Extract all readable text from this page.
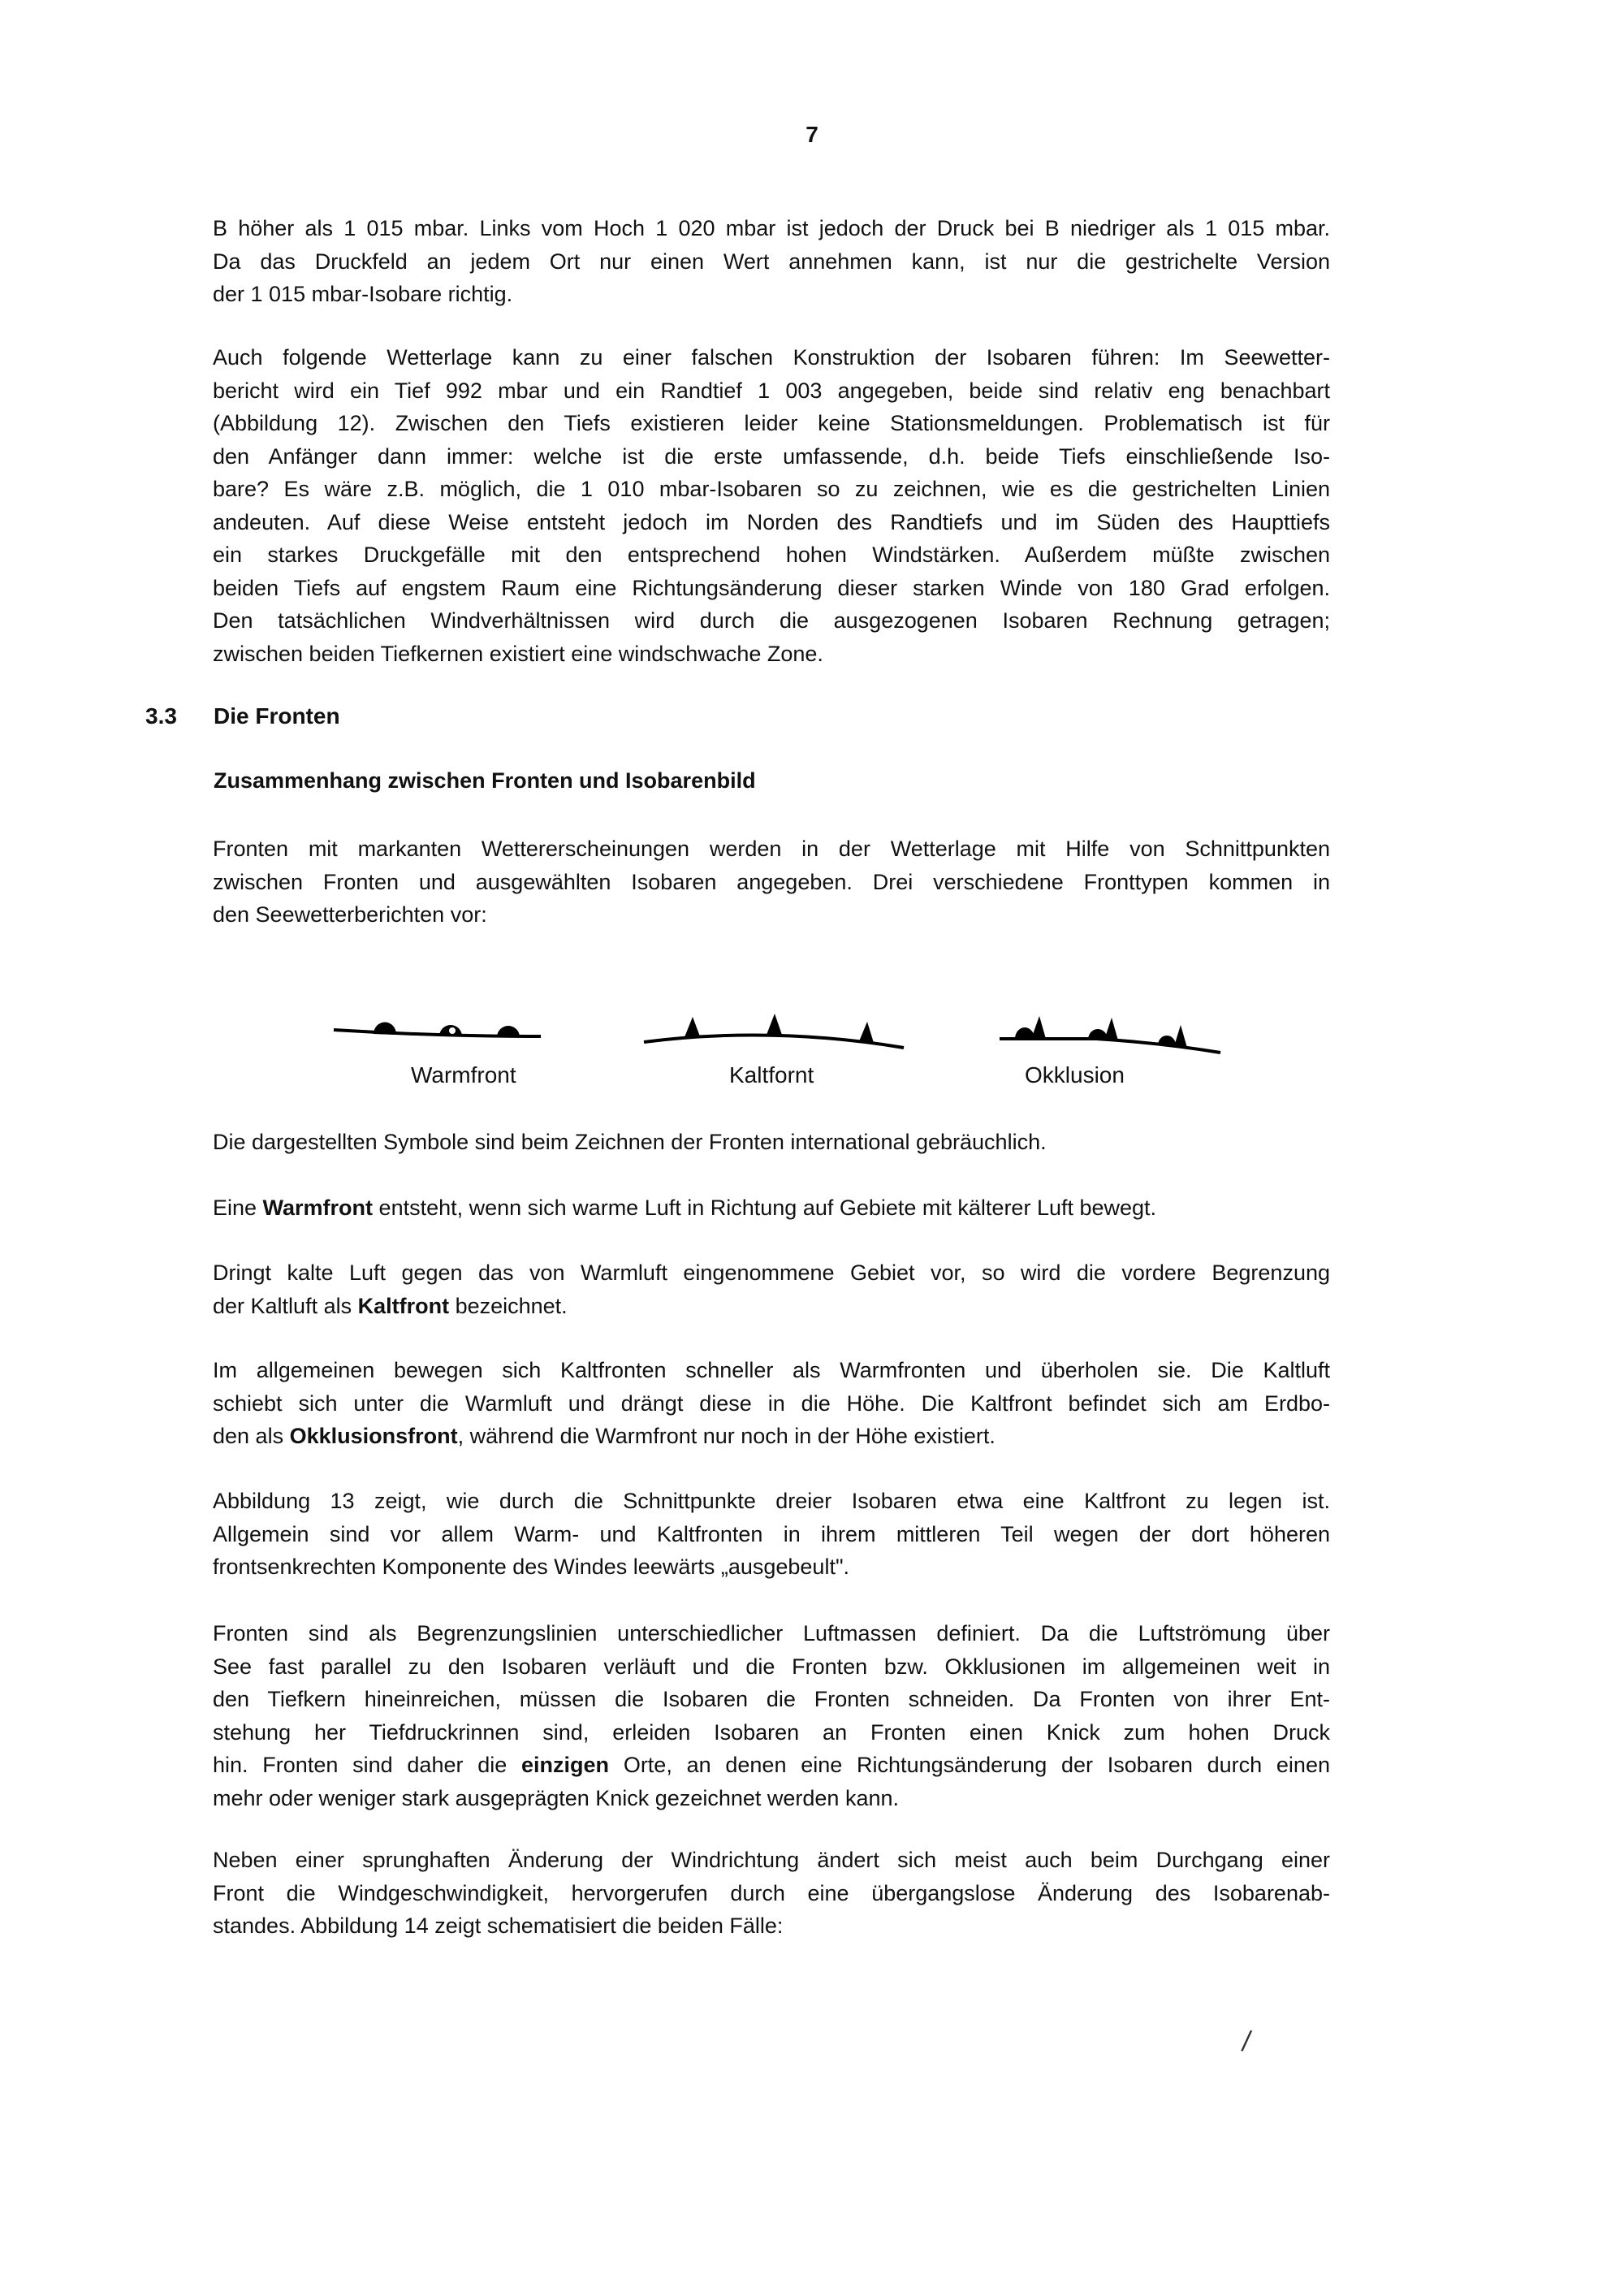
7
B höher als 1 015 mbar. Links vom Hoch 1 020 mbar ist jedoch der Druck bei B niedriger als 1 015 mbar.
Da das Druckfeld an jedem Ort nur einen Wert annehmen kann, ist nur die gestrichelte Version
der 1 015 mbar-Isobare richtig.
Auch folgende Wetterlage kann zu einer falschen Konstruktion der Isobaren führen: Im Seewetter-
bericht wird ein Tief 992 mbar und ein Randtief 1 003 angegeben, beide sind relativ eng benachbart
(Abbildung 12). Zwischen den Tiefs existieren leider keine Stationsmeldungen. Problematisch ist für
den Anfänger dann immer: welche ist die erste umfassende, d.h. beide Tiefs einschließende Iso-
bare? Es wäre z.B. möglich, die 1 010 mbar-Isobaren so zu zeichnen, wie es die gestrichelten Linien
andeuten. Auf diese Weise entsteht jedoch im Norden des Randtiefs und im Süden des Haupttiefs
ein starkes Druckgefälle mit den entsprechend hohen Windstärken. Außerdem müßte zwischen
beiden Tiefs auf engstem Raum eine Richtungsänderung dieser starken Winde von 180 Grad erfolgen.
Den tatsächlichen Windverhältnissen wird durch die ausgezogenen Isobaren Rechnung getragen;
zwischen beiden Tiefkernen existiert eine windschwache Zone.
3.3 Die Fronten
Zusammenhang zwischen Fronten und Isobarenbild
Fronten mit markanten Wettererscheinungen werden in der Wetterlage mit Hilfe von Schnittpunkten
zwischen Fronten und ausgewählten Isobaren angegeben. Drei verschiedene Fronttypen kommen in
den Seewetterberichten vor:
Warmfront	Kaltfornt	Okklusion
Die dargestellten Symbole sind beim Zeichnen der Fronten international gebräuchlich.
Eine Warmfront entsteht, wenn sich warme Luft in Richtung auf Gebiete mit kälterer Luft bewegt.
Dringt kalte Luft gegen das von Warmluft eingenommene Gebiet vor, so wird die vordere Begrenzung
der Kaltluft als Kaltfront bezeichnet.
Im allgemeinen bewegen sich Kaltfronten schneller als Warmfronten und überholen sie. Die Kaltluft
schiebt sich unter die Warmluft und drängt diese in die Höhe. Die Kaltfront befindet sich am Erdbo-
den als Okklusionsfront, während die Warmfront nur noch in der Höhe existiert.
Abbildung 13 zeigt, wie durch die Schnittpunkte dreier Isobaren etwa eine Kaltfront zu legen ist.
Allgemein sind vor allem Warm- und Kaltfronten in ihrem mittleren Teil wegen der dort höheren
frontsenkrechten Komponente des Windes leewärts „ausgebeult".
Fronten sind als Begrenzungslinien unterschiedlicher Luftmassen definiert. Da die Luftströmung über
See fast parallel zu den Isobaren verläuft und die Fronten bzw. Okklusionen im allgemeinen weit in
den Tiefkern hineinreichen, müssen die Isobaren die Fronten schneiden. Da Fronten von ihrer Ent-
stehung her Tiefdruckrinnen sind, erleiden Isobaren an Fronten einen Knick zum hohen Druck
hin. Fronten sind daher die einzigen Orte, an denen eine Richtungsänderung der Isobaren durch einen
mehr oder weniger stark ausgeprägten Knick gezeichnet werden kann.
Neben einer sprunghaften Änderung der Windrichtung ändert sich meist auch beim Durchgang einer
Front die Windgeschwindigkeit, hervorgerufen durch eine übergangslose Änderung des Isobarenab-
standes. Abbildung 14 zeigt schematisiert die beiden Fälle:
/
